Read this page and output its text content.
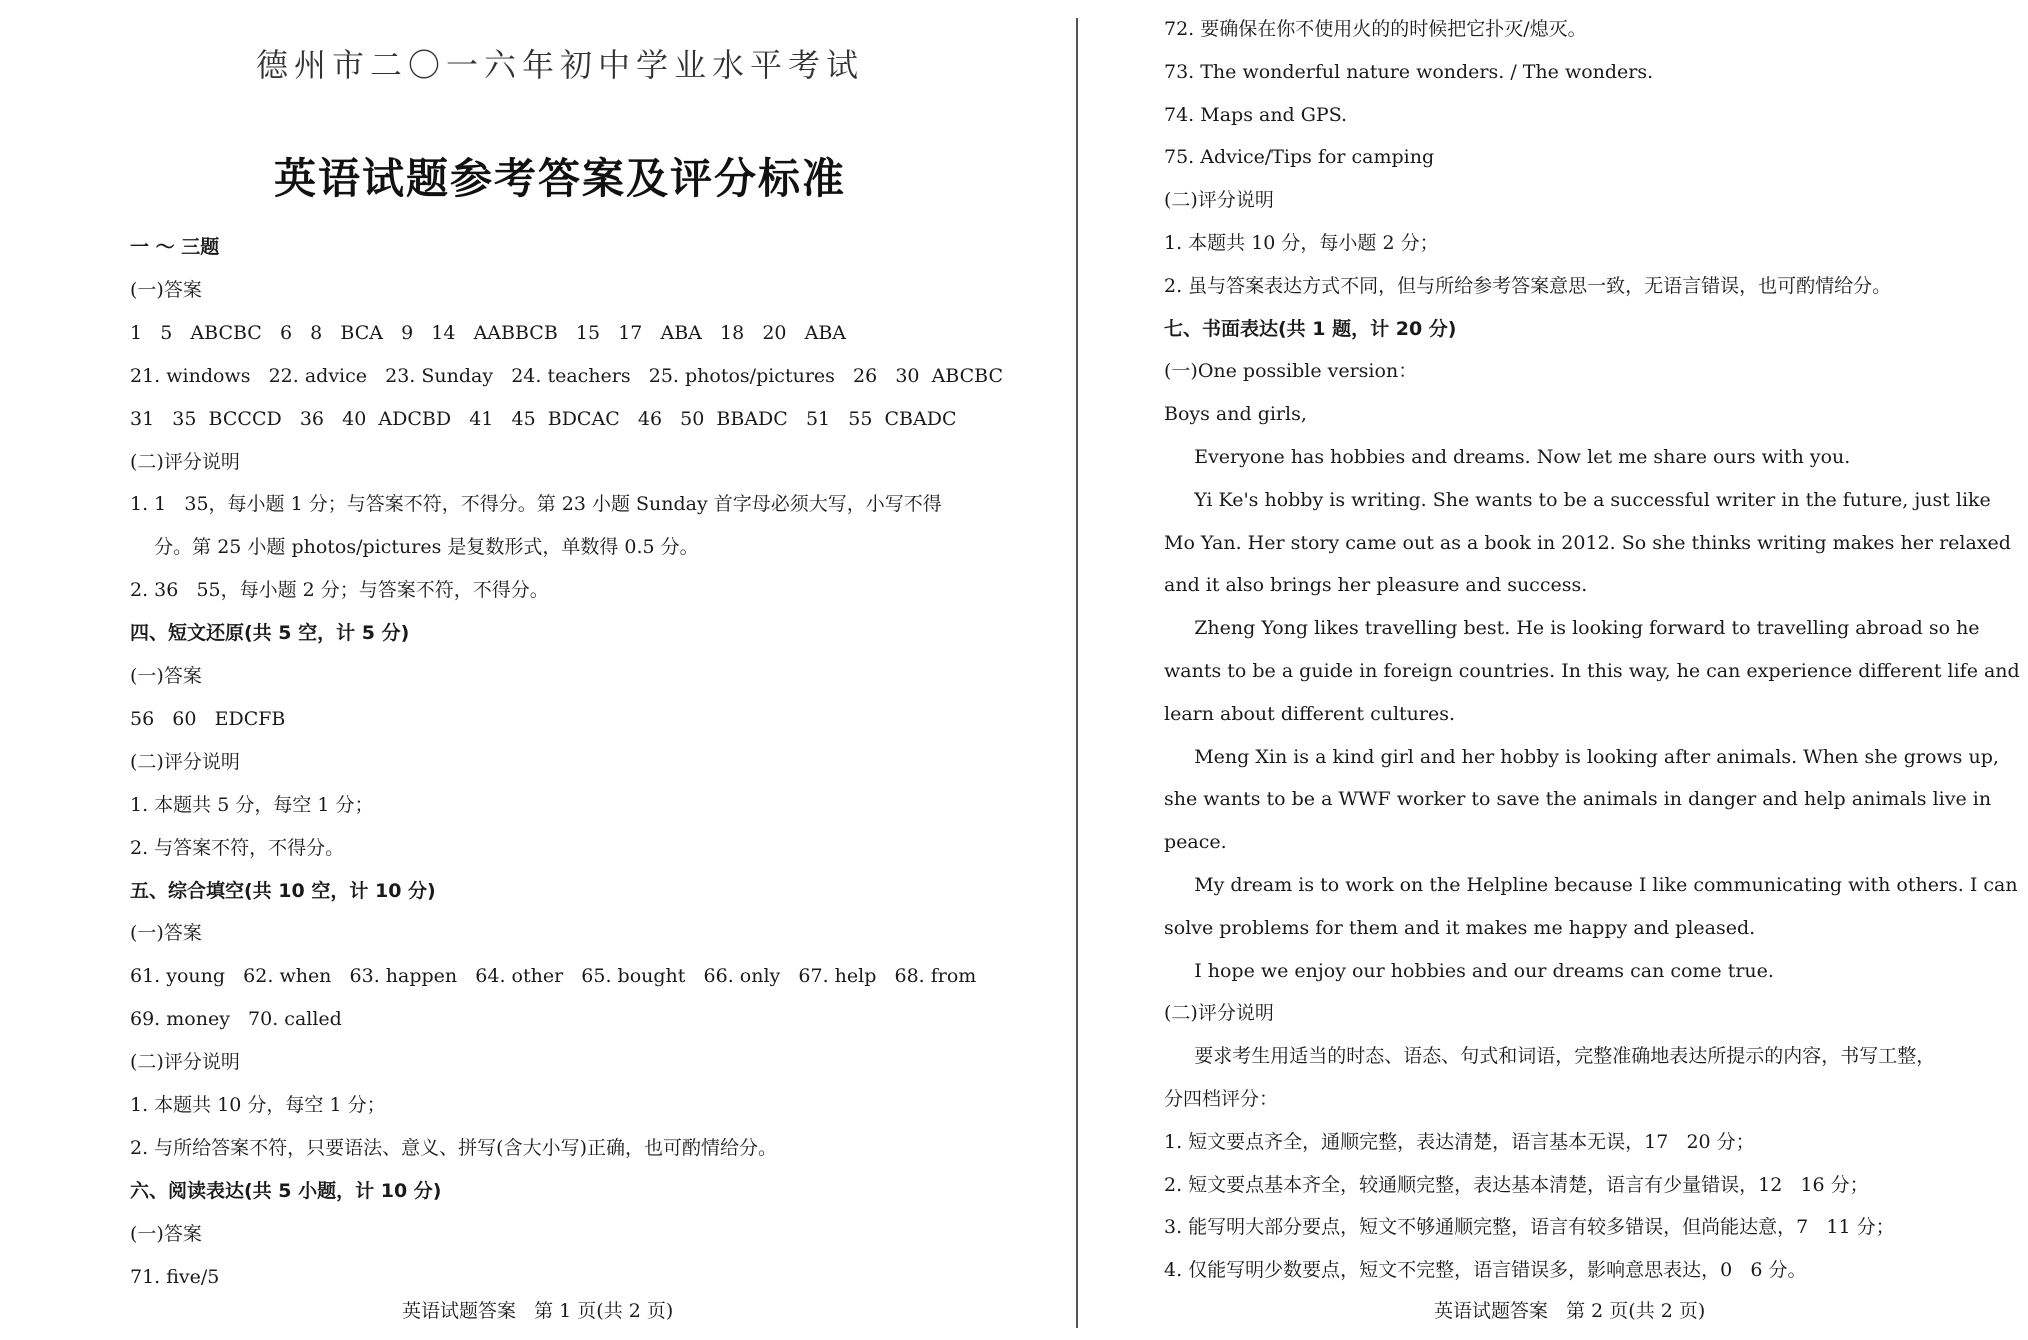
德州市二〇一六年初中学业水平考试
英语试题参考答案及评分标准
一 ～ 三题
(一)答案
1   5   ABCBC   6   8   BCA   9   14   AABBCB   15   17   ABA   18   20   ABA
21. windows   22. advice   23. Sunday   24. teachers   25. photos/pictures   26   30  ABCBC
31   35  BCCCD   36   40  ADCBD   41   45  BDCAC   46   50  BBADC   51   55  CBADC
(二)评分说明
1. 1   35，每小题 1 分；与答案不符，不得分。第 23 小题 Sunday 首字母必须大写，小写不得
分。第 25 小题 photos/pictures 是复数形式，单数得 0.5 分。
2. 36   55，每小题 2 分；与答案不符，不得分。
四、短文还原(共 5 空，计 5 分)
(一)答案
56   60   EDCFB
(二)评分说明
1. 本题共 5 分，每空 1 分；
2. 与答案不符，不得分。
五、综合填空(共 10 空，计 10 分)
(一)答案
61. young   62. when   63. happen   64. other   65. bought   66. only   67. help   68. from
69. money   70. called
(二)评分说明
1. 本题共 10 分，每空 1 分；
2. 与所给答案不符，只要语法、意义、拼写(含大小写)正确，也可酌情给分。
六、阅读表达(共 5 小题，计 10 分)
(一)答案
71. five/5
英语试题答案   第 1 页(共 2 页)
72. 要确保在你不使用火的的时候把它扑灭/熄灭。
73. The wonderful nature wonders. / The wonders.
74. Maps and GPS.
75. Advice/Tips for camping
(二)评分说明
1. 本题共 10 分，每小题 2 分；
2. 虽与答案表达方式不同，但与所给参考答案意思一致，无语言错误，也可酌情给分。
七、书面表达(共 1 题，计 20 分)
(一)One possible version：
Boys and girls,
Everyone has hobbies and dreams. Now let me share ours with you.
Yi Ke's hobby is writing. She wants to be a successful writer in the future, just like
Mo Yan. Her story came out as a book in 2012. So she thinks writing makes her relaxed
and it also brings her pleasure and success.
Zheng Yong likes travelling best. He is looking forward to travelling abroad so he
wants to be a guide in foreign countries. In this way, he can experience different life and
learn about different cultures.
Meng Xin is a kind girl and her hobby is looking after animals. When she grows up,
she wants to be a WWF worker to save the animals in danger and help animals live in
peace.
My dream is to work on the Helpline because I like communicating with others. I can
solve problems for them and it makes me happy and pleased.
I hope we enjoy our hobbies and our dreams can come true.
(二)评分说明
要求考生用适当的时态、语态、句式和词语，完整准确地表达所提示的内容，书写工整，
分四档评分：
1. 短文要点齐全，通顺完整，表达清楚，语言基本无误，17   20 分；
2. 短文要点基本齐全，较通顺完整，表达基本清楚，语言有少量错误，12   16 分；
3. 能写明大部分要点，短文不够通顺完整，语言有较多错误，但尚能达意，7   11 分；
4. 仅能写明少数要点，短文不完整，语言错误多，影响意思表达，0   6 分。
英语试题答案   第 2 页(共 2 页)
